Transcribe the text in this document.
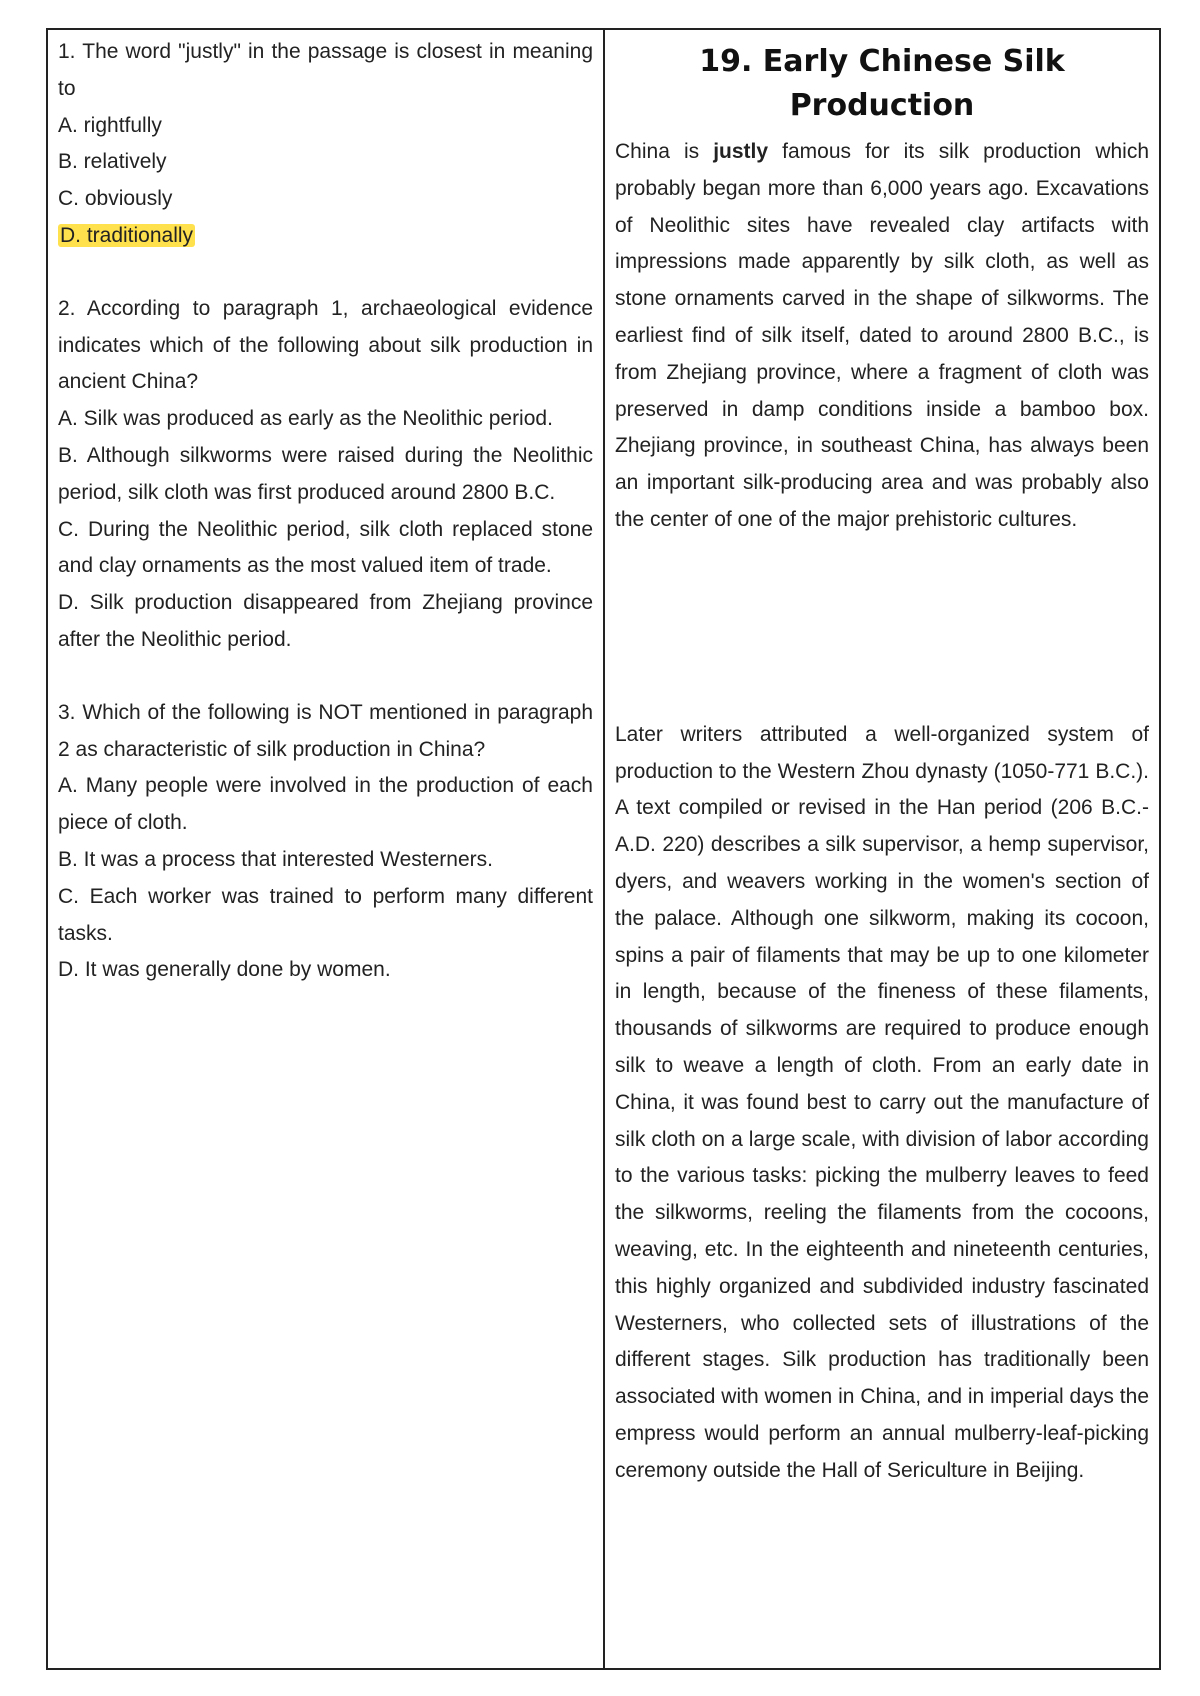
1. The word "justly" in the passage is closest in meaning to

A. rightfully

B. relatively

C. obviously

D. traditionally

2. According to paragraph 1, archaeological evidence indicates which of the following about silk production in ancient China?

A. Silk was produced as early as the Neolithic period.

B. Although silkworms were raised during the Neolithic period, silk cloth was first produced around 2800 B.C.

C. During the Neolithic period, silk cloth replaced stone and clay ornaments as the most valued item of trade.

D. Silk production disappeared from Zhejiang province after the Neolithic period.

3. Which of the following is NOT mentioned in paragraph 2 as characteristic of silk production in China?

A. Many people were involved in the production of each piece of cloth.

B. It was a process that interested Westerners.

C. Each worker was trained to perform many different tasks.

D. It was generally done by women.

19. Early Chinese Silk Production

China is justly famous for its silk production which probably began more than 6,000 years ago. Excavations of Neolithic sites have revealed clay artifacts with impressions made apparently by silk cloth, as well as stone ornaments carved in the shape of silkworms. The earliest find of silk itself, dated to around 2800 B.C., is from Zhejiang province, where a fragment of cloth was preserved in damp conditions inside a bamboo box. Zhejiang province, in southeast China, has always been an important silk-producing area and was probably also the center of one of the major prehistoric cultures.

Later writers attributed a well-organized system of production to the Western Zhou dynasty (1050-771 B.C.). A text compiled or revised in the Han period (206 B.C.-A.D. 220) describes a silk supervisor, a hemp supervisor, dyers, and weavers working in the women's section of the palace. Although one silkworm, making its cocoon, spins a pair of filaments that may be up to one kilometer in length, because of the fineness of these filaments, thousands of silkworms are required to produce enough silk to weave a length of cloth. From an early date in China, it was found best to carry out the manufacture of silk cloth on a large scale, with division of labor according to the various tasks: picking the mulberry leaves to feed the silkworms, reeling the filaments from the cocoons, weaving, etc. In the eighteenth and nineteenth centuries, this highly organized and subdivided industry fascinated Westerners, who collected sets of illustrations of the different stages. Silk production has traditionally been associated with women in China, and in imperial days the empress would perform an annual mulberry-leaf-picking ceremony outside the Hall of Sericulture in Beijing.
